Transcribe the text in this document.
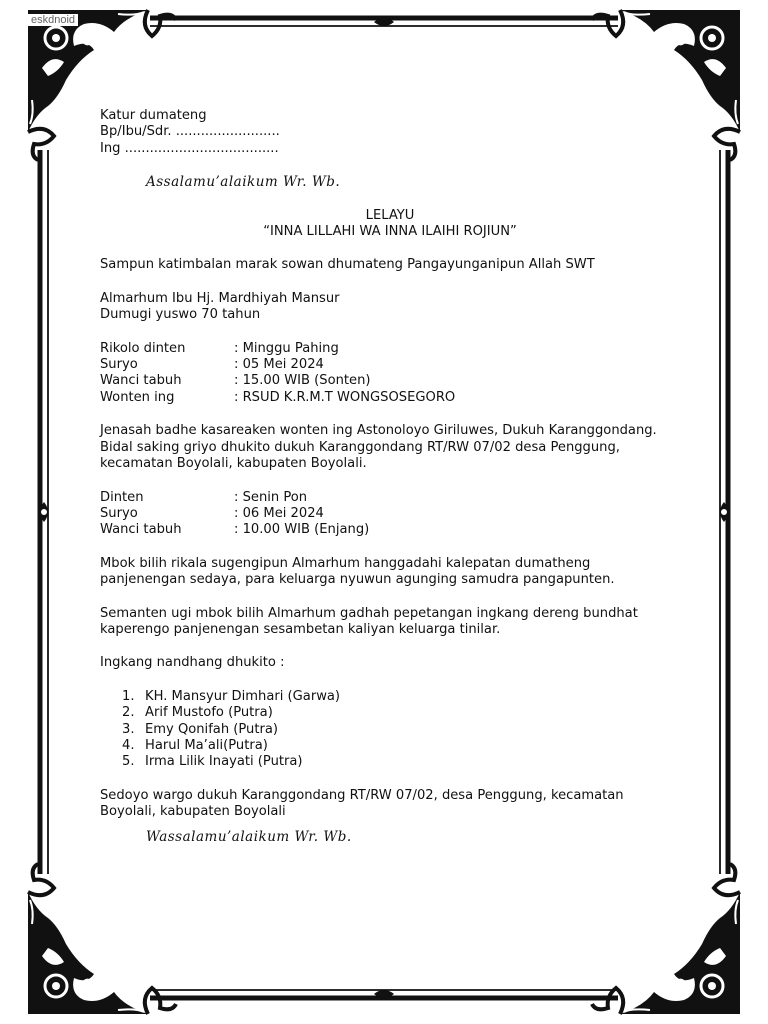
eskdnoid

Katur dumateng

Bp/Ibu/Sdr. .........................

Ing .....................................

Assalamu’alaikum Wr. Wb.

LELAYU

“INNA LILLAHI WA INNA ILAIHI ROJIUN”

Sampun katimbalan marak sowan dhumateng Pangayunganipun Allah SWT

Almarhum Ibu Hj. Mardhiyah Mansur

Dumugi yuswo 70 tahun

Rikolo dinten	: Minggu Pahing
Suryo	: 05 Mei 2024
Wanci tabuh	: 15.00 WIB (Sonten)
Wonten ing	: RSUD K.R.M.T WONGSOSEGORO

Jenasah badhe kasareaken wonten ing Astonoloyo Giriluwes, Dukuh Karanggondang.

Bidal saking griyo dhukito dukuh Karanggondang RT/RW 07/02 desa Penggung,

kecamatan Boyolali, kabupaten Boyolali.

Dinten	: Senin Pon
Suryo	: 06 Mei 2024
Wanci tabuh	: 10.00 WIB (Enjang)

Mbok bilih rikala sugengipun Almarhum hanggadahi kalepatan dumatheng

panjenengan sedaya, para keluarga nyuwun agunging samudra pangapunten.

Semanten ugi mbok bilih Almarhum gadhah pepetangan ingkang dereng bundhat

kaperengo panjenengan sesambetan kaliyan keluarga tinilar.

Ingkang nandhang dhukito :

1. KH. Mansyur Dimhari (Garwa)
2. Arif Mustofo (Putra)
3. Emy Qonifah (Putra)
4. Harul Ma’ali(Putra)
5. Irma Lilik Inayati (Putra)

Sedoyo wargo dukuh Karanggondang RT/RW 07/02, desa Penggung, kecamatan

Boyolali, kabupaten Boyolali

Wassalamu’alaikum Wr. Wb.
